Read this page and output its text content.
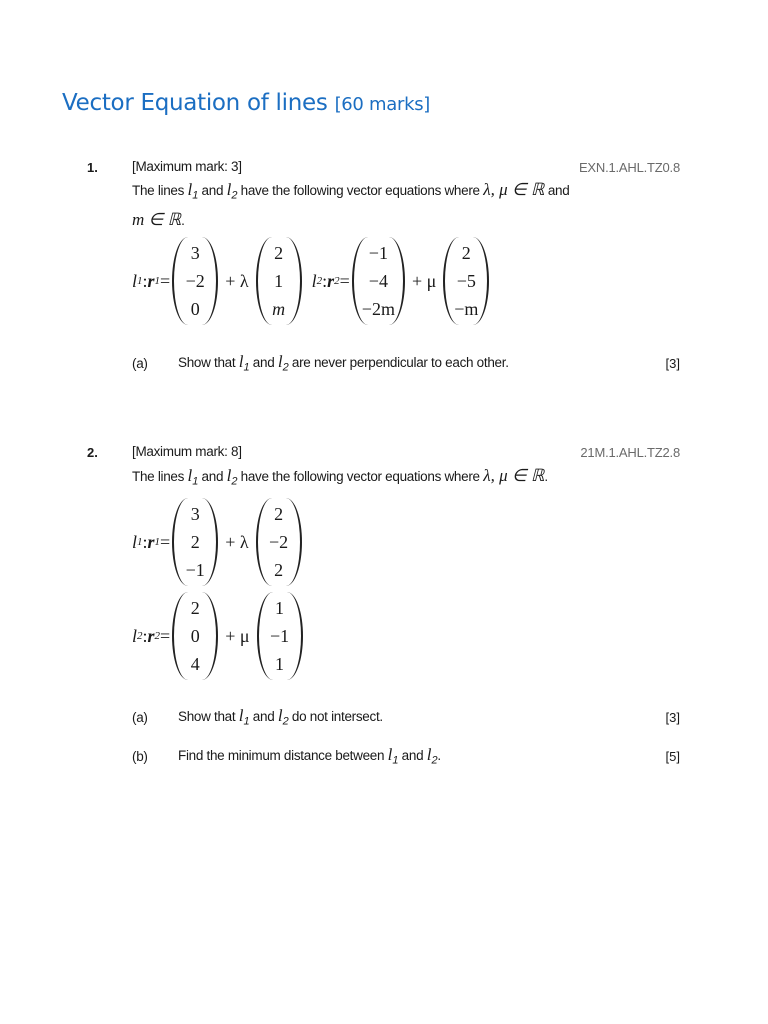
Vector Equation of lines [60 marks]
1.	[Maximum mark: 3]	EXN.1.AHL.TZ0.8
The lines $l_1$ and $l_2$ have the following vector equations where λ, μ ∈ ℝ and
m ∈ ℝ.
l 1 : r 1 =
3
−2
0
+ λ
2
1
m
l 2 : r 2 =
−1
−4
−2m
+ μ
2
−5
−m
(a) Show that $l_1$ and $l_2$ are never perpendicular to each other.	[3]
2.	[Maximum mark: 8]	21M.1.AHL.TZ2.8
The lines $l_1$ and $l_2$ have the following vector equations where λ, μ ∈ ℝ.
l 1 : r 1 =
3
2
−1
+ λ
2
−2
2
l 2 : r 2 =
2
0
4
+ μ
1
−1
1
(a) Show that $l_1$ and $l_2$ do not intersect.	[3]
(b) Find the minimum distance between $l_1$ and $l_2$.	[5]
